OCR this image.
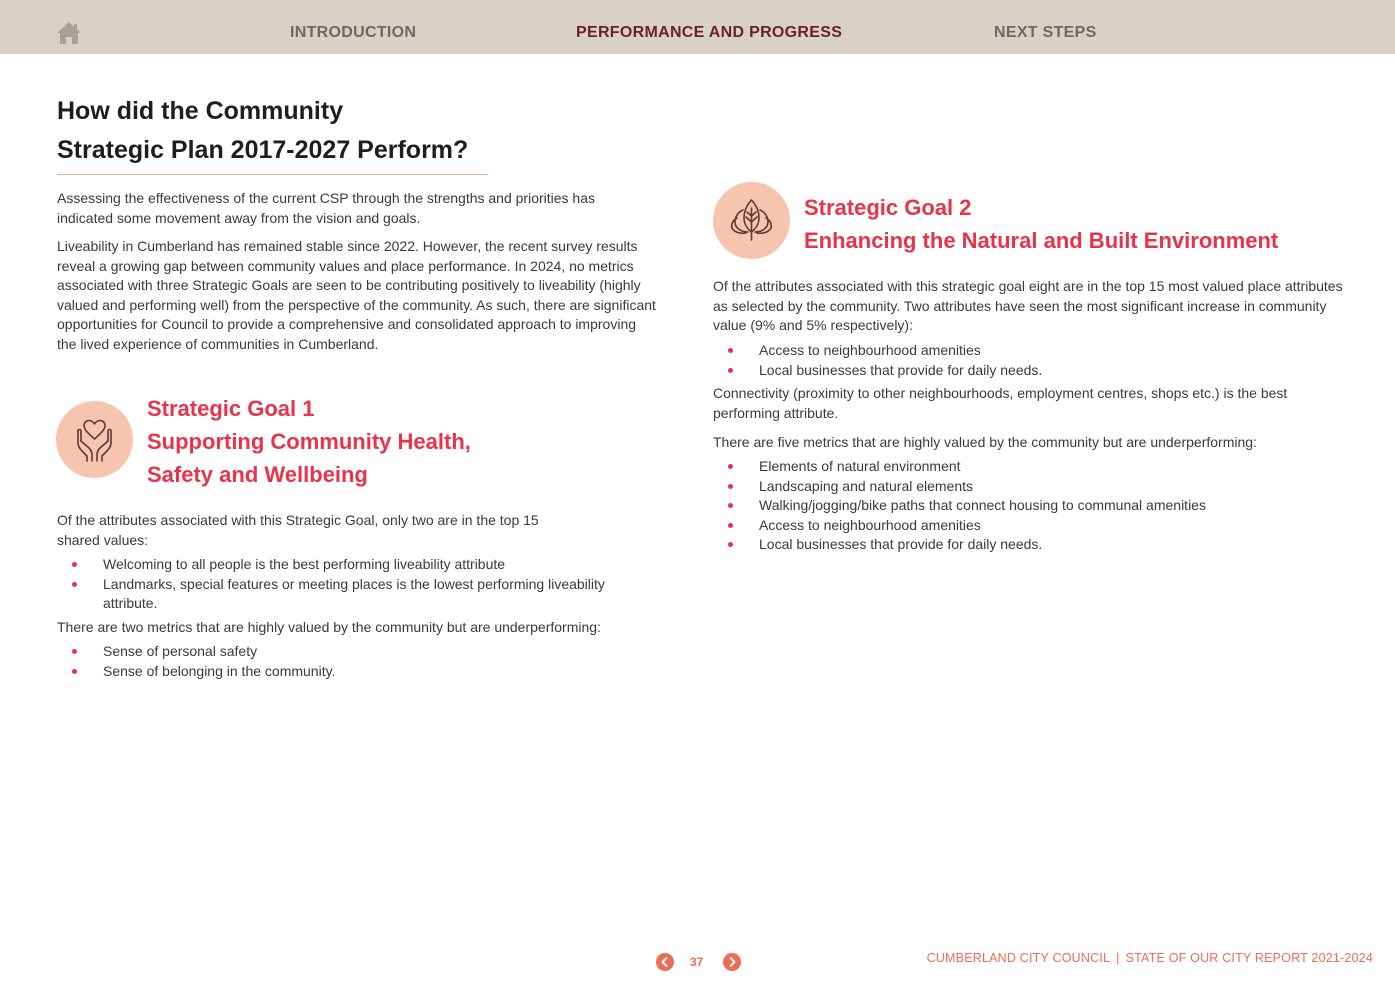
INTRODUCTION	PERFORMANCE AND PROGRESS	NEXT STEPS
How did the Community
Strategic Plan 2017-2027 Perform?

Assessing the effectiveness of the current CSP through the strengths and priorities has indicated some movement away from the vision and goals.

Liveability in Cumberland has remained stable since 2022. However, the recent survey results reveal a growing gap between community values and place performance. In 2024, no metrics associated with three Strategic Goals are seen to be contributing positively to liveability (highly valued and performing well) from the perspective of the community. As such, there are significant opportunities for Council to provide a comprehensive and consolidated approach to improving the lived experience of communities in Cumberland.

Strategic Goal 1
Supporting Community Health,
Safety and Wellbeing

Of the attributes associated with this Strategic Goal, only two are in the top 15 shared values:

Welcoming to all people is the best performing liveability attribute
Landmarks, special features or meeting places is the lowest performing liveability attribute.

There are two metrics that are highly valued by the community but are underperforming:

Sense of personal safety
Sense of belonging in the community.
Strategic Goal 2
Enhancing the Natural and Built Environment

Of the attributes associated with this strategic goal eight are in the top 15 most valued place attributes as selected by the community. Two attributes have seen the most significant increase in community value (9% and 5% respectively):

Access to neighbourhood amenities
Local businesses that provide for daily needs.

Connectivity (proximity to other neighbourhoods, employment centres, shops etc.) is the best performing attribute.

There are five metrics that are highly valued by the community but are underperforming:

Elements of natural environment
Landscaping and natural elements
Walking/jogging/bike paths that connect housing to communal amenities
Access to neighbourhood amenities
Local businesses that provide for daily needs.
37	CUMBERLAND CITY COUNCIL | STATE OF OUR CITY REPORT 2021-2024
